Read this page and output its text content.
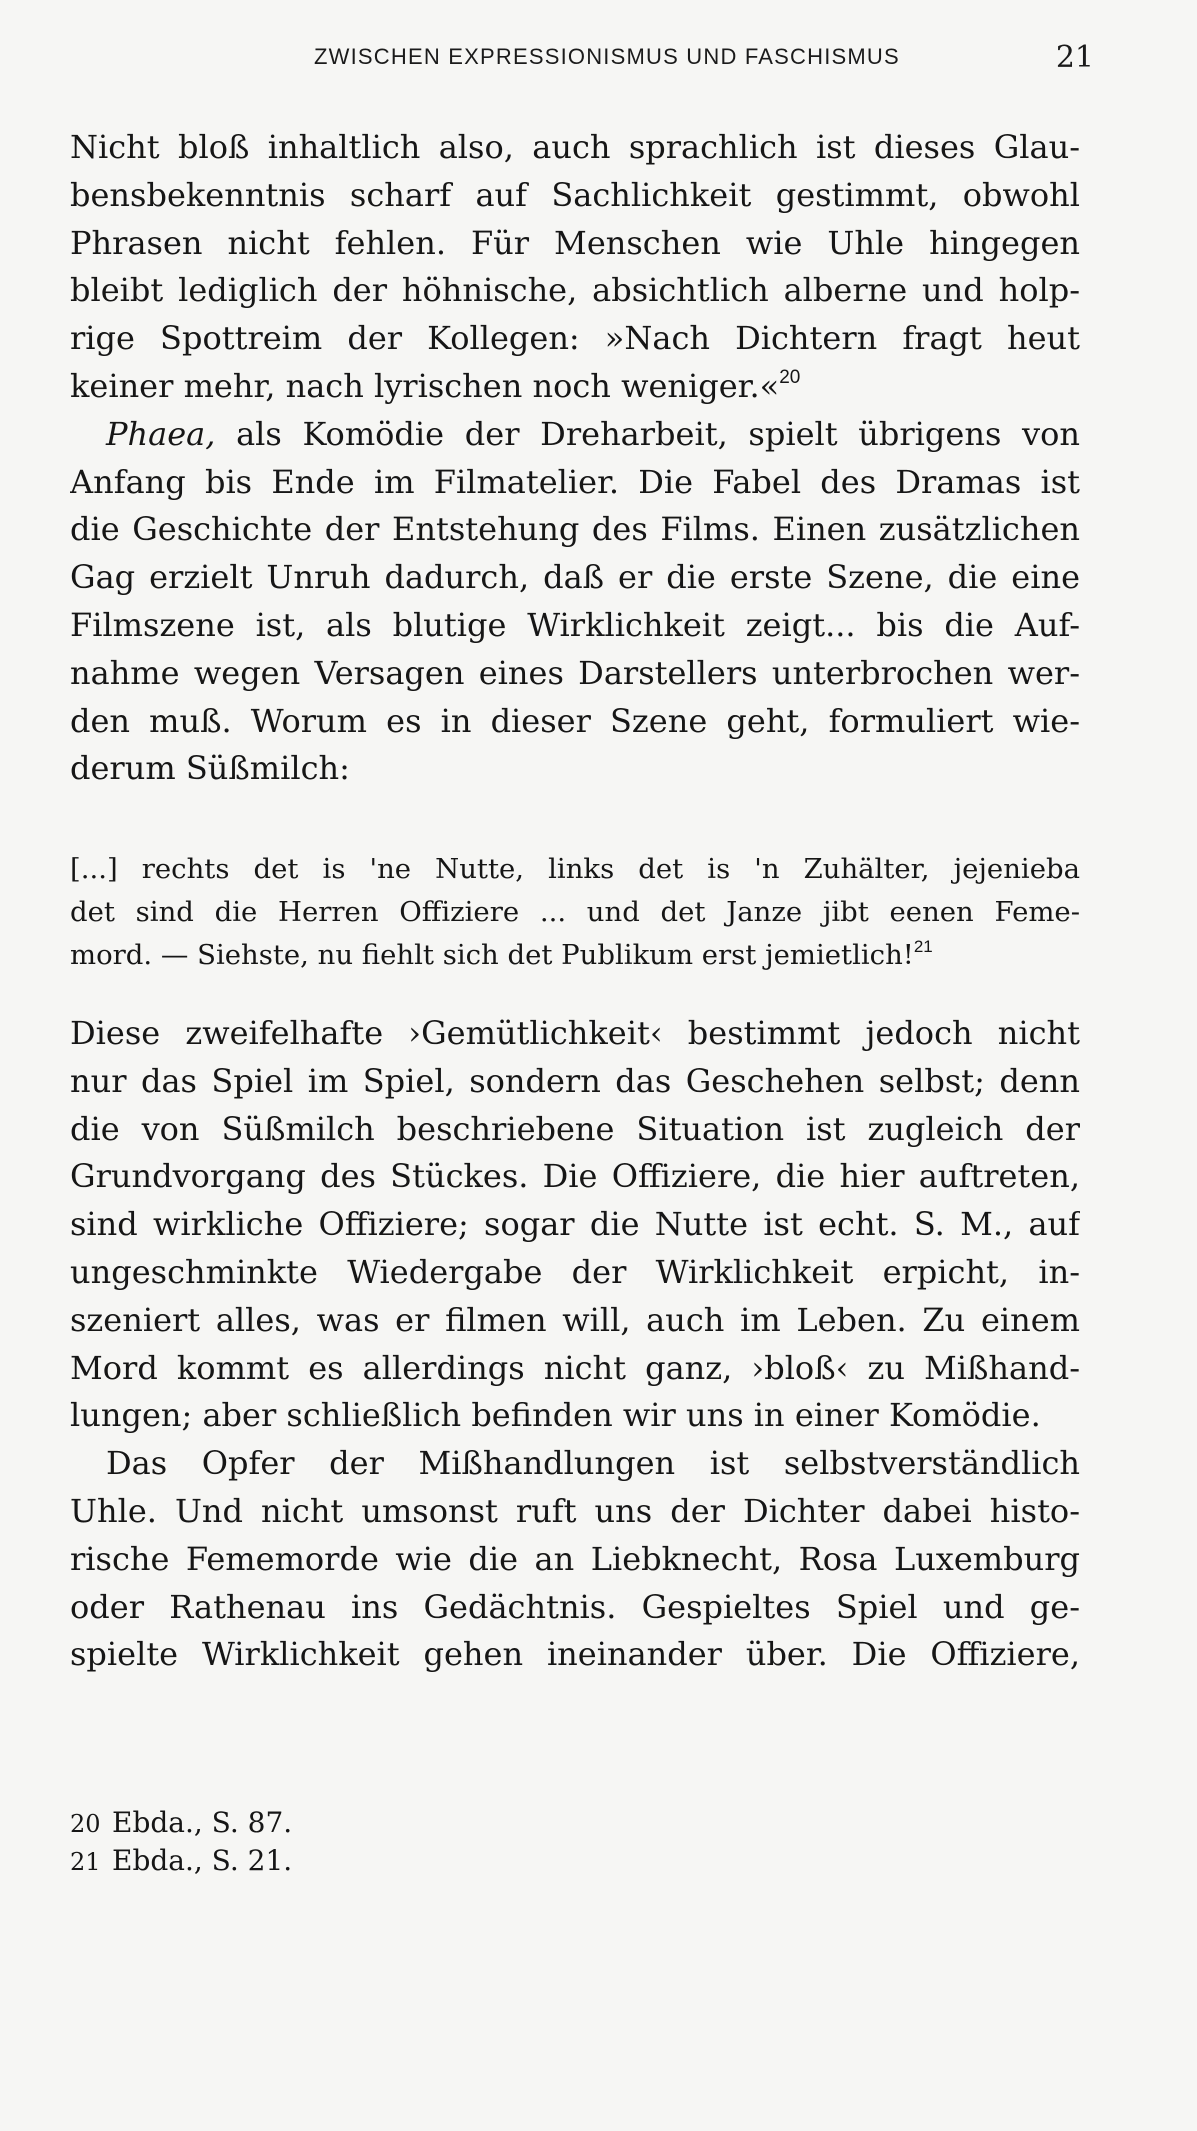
ZWISCHEN EXPRESSIONISMUS UND FASCHISMUS	21
Nicht bloß inhaltlich also, auch sprachlich ist dieses Glau-
bensbekenntnis scharf auf Sachlichkeit gestimmt, obwohl
Phrasen nicht fehlen. Für Menschen wie Uhle hingegen
bleibt lediglich der höhnische, absichtlich alberne und holp-
rige Spottreim der Kollegen: »Nach Dichtern fragt heut
keiner mehr, nach lyrischen noch weniger.«$^{20}$
Phaea, als Komödie der Dreharbeit, spielt übrigens von
Anfang bis Ende im Filmatelier. Die Fabel des Dramas ist
die Geschichte der Entstehung des Films. Einen zusätzlichen
Gag erzielt Unruh dadurch, daß er die erste Szene, die eine
Filmszene ist, als blutige Wirklichkeit zeigt... bis die Auf-
nahme wegen Versagen eines Darstellers unterbrochen wer-
den muß. Worum es in dieser Szene geht, formuliert wie-
derum Süßmilch:
[...] rechts det is 'ne Nutte, links det is 'n Zuhälter, jejenieba
det sind die Herren Offiziere ... und det Janze jibt eenen Feme-
mord. — Siehste, nu fiehlt sich det Publikum erst jemietlich!$^{21}$
Diese zweifelhafte ›Gemütlichkeit‹ bestimmt jedoch nicht
nur das Spiel im Spiel, sondern das Geschehen selbst; denn
die von Süßmilch beschriebene Situation ist zugleich der
Grundvorgang des Stückes. Die Offiziere, die hier auftreten,
sind wirkliche Offiziere; sogar die Nutte ist echt. S. M., auf
ungeschminkte Wiedergabe der Wirklichkeit erpicht, in-
szeniert alles, was er filmen will, auch im Leben. Zu einem
Mord kommt es allerdings nicht ganz, ›bloß‹ zu Mißhand-
lungen; aber schließlich befinden wir uns in einer Komödie.
Das Opfer der Mißhandlungen ist selbstverständlich
Uhle. Und nicht umsonst ruft uns der Dichter dabei histo-
rische Fememorde wie die an Liebknecht, Rosa Luxemburg
oder Rathenau ins Gedächtnis. Gespieltes Spiel und ge-
spielte Wirklichkeit gehen ineinander über. Die Offiziere,
20 Ebda., S. 87.
21 Ebda., S. 21.
